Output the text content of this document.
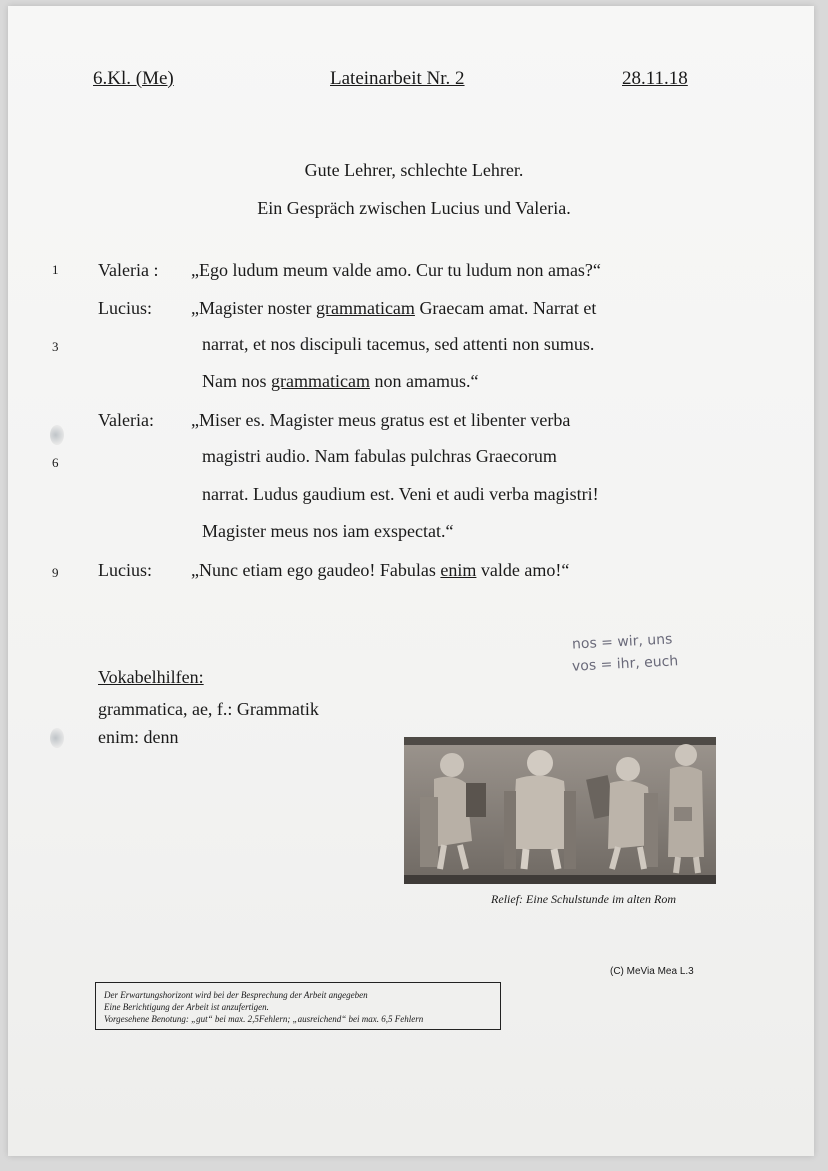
6.Kl. (Me)	Lateinarbeit Nr. 2	28.11.18
Gute Lehrer, schlechte Lehrer.
Ein Gespräch zwischen Lucius und Valeria.
1
3
6
9
Valeria :
Lucius:
Valeria:
Lucius:
„Ego ludum meum valde amo. Cur tu ludum non amas?“
„Magister noster grammaticam Graecam amat. Narrat et
narrat, et nos discipuli tacemus, sed attenti non sumus.
Nam nos grammaticam non amamus.“
„Miser es. Magister meus gratus est et libenter verba
magistri audio. Nam fabulas pulchras Graecorum
narrat. Ludus gaudium est. Veni et audi verba magistri!
Magister meus nos iam exspectat.“
„Nunc etiam ego gaudeo! Fabulas enim valde amo!“
nos = wir, uns
vos = ihr, euch
Vokabelhilfen:
grammatica, ae, f.: Grammatik
enim: denn
Relief: Eine Schulstunde im alten Rom
(C) MeVia Mea L.3
Der Erwartungshorizont wird bei der Besprechung der Arbeit angegeben
Eine Berichtigung der Arbeit ist anzufertigen.
Vorgesehene Benotung: „gut“ bei max. 2,5Fehlern; „ausreichend“ bei max. 6,5 Fehlern
